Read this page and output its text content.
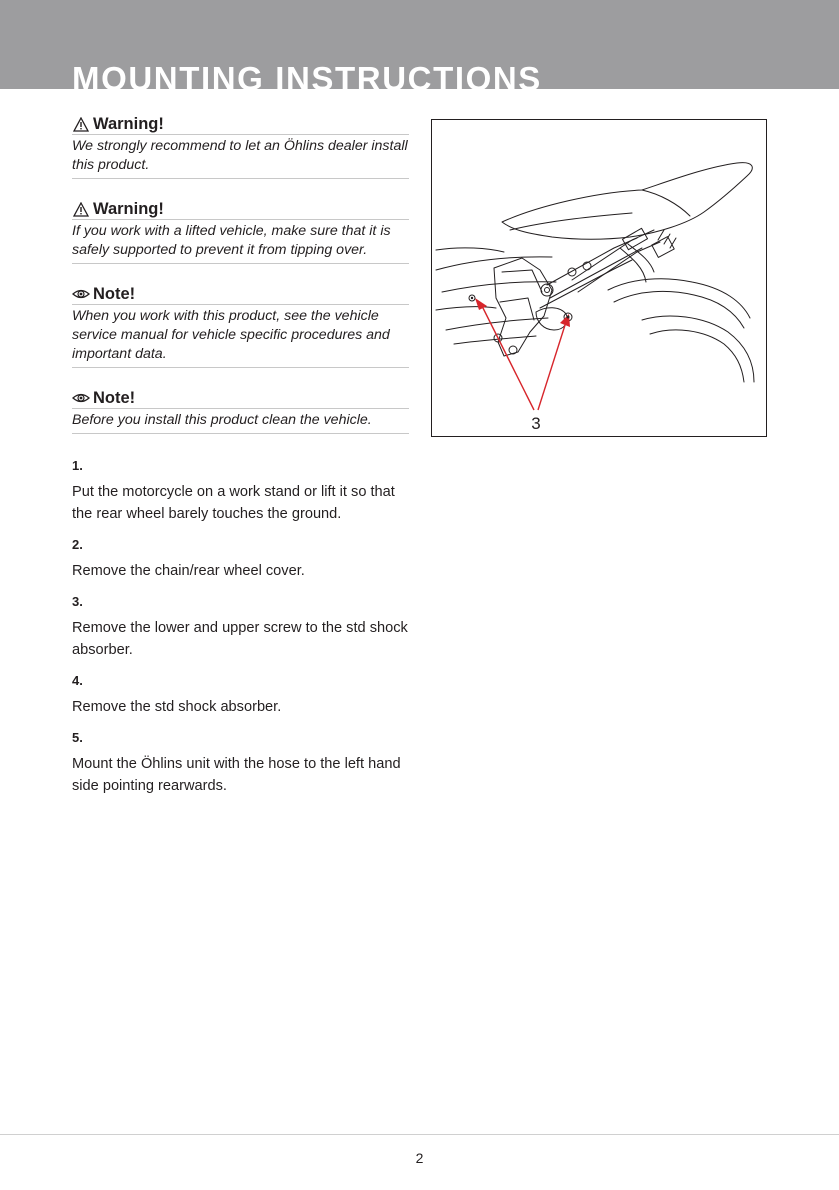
MOUNTING INSTRUCTIONS
Warning!
We strongly recommend to let an Öhlins dealer install this product.
Warning!
If you work with a lifted vehicle, make sure that it is safely supported to prevent it from tipping over.
Note!
When you work with this product, see the vehicle service manual for vehicle specific procedures and important data.
Note!
Before you install this product clean the vehicle.
1.
Put the motorcycle on a work stand or lift it so that the rear wheel barely touches the ground.
2.
Remove the chain/rear wheel cover.
3.
Remove the lower and upper screw to the std shock absorber.
4.
Remove the std shock absorber.
5.
Mount the Öhlins unit with the hose to the left hand side pointing rearwards.
3
2
